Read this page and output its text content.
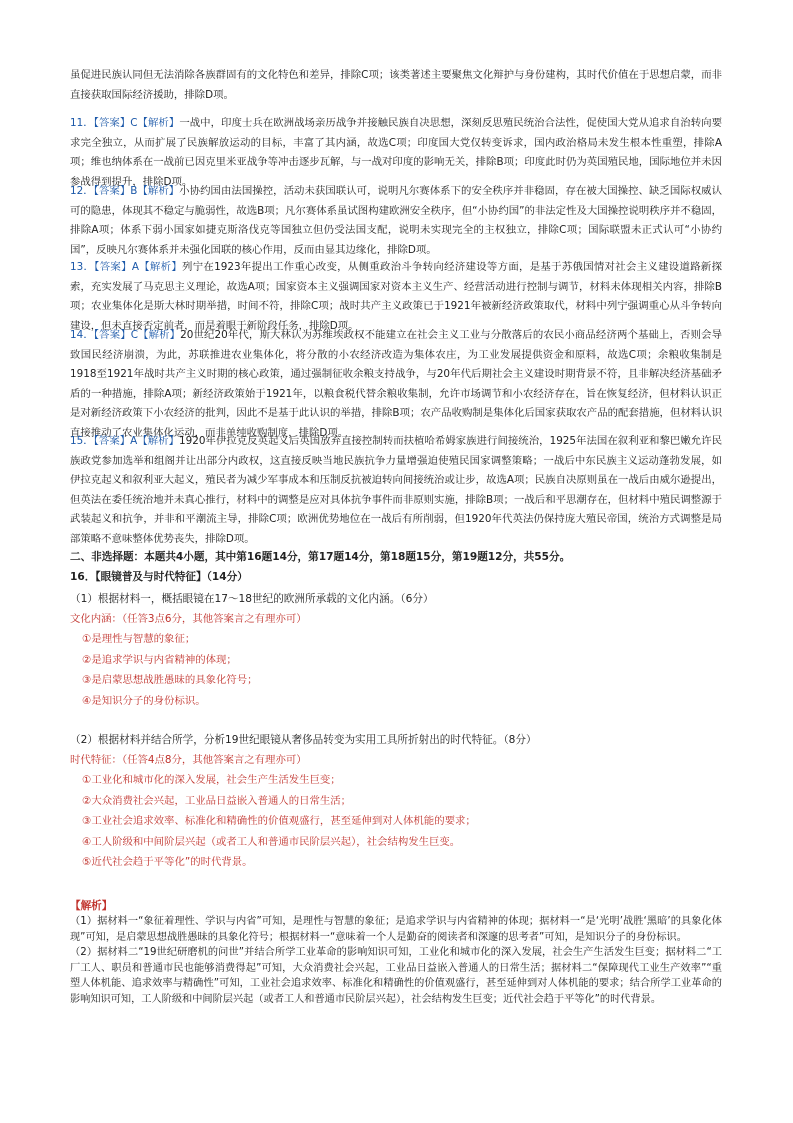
虽促进民族认同但无法消除各族群固有的文化特色和差异，排除C项；该类著述主要聚焦文化辩护与身份建构，其时代价值在于思想启蒙，而非直接获取国际经济援助，排除D项。

11．【答案】C【解析】一战中，印度士兵在欧洲战场亲历战争并接触民族自决思想，深刻反思殖民统治合法性，促使国大党从追求自治转向要求完全独立，从而扩展了民族解放运动的目标，丰富了其内涵，故选C项；印度国大党仅转变诉求，国内政治格局未发生根本性重塑，排除A项；维也纳体系在一战前已因克里米亚战争等冲击逐步瓦解，与一战对印度的影响无关，排除B项；印度此时仍为英国殖民地，国际地位并未因参战得到提升，排除D项。

12．【答案】B【解析】小协约国由法国操控，活动未获国联认可，说明凡尔赛体系下的安全秩序并非稳固，存在被大国操控、缺乏国际权威认可的隐患，体现其不稳定与脆弱性，故选B项；凡尔赛体系虽试图构建欧洲安全秩序，但“小协约国”的非法定性及大国操控说明秩序并不稳固，排除A项；体系下弱小国家如捷克斯洛伐克等国独立但仍受法国支配，说明未实现完全的主权独立，排除C项；国际联盟未正式认可“小协约国”，反映凡尔赛体系并未强化国联的核心作用，反而由显其边缘化，排除D项。

13．【答案】A【解析】列宁在1923年提出工作重心改变，从侧重政治斗争转向经济建设等方面，是基于苏俄国情对社会主义建设道路新探索，充实发展了马克思主义理论，故选A项；国家资本主义强调国家对资本主义生产、经营活动进行控制与调节，材料未体现相关内容，排除B项；农业集体化是斯大林时期举措，时间不符，排除C项；战时共产主义政策已于1921年被新经济政策取代，材料中列宁强调重心从斗争转向建设，但未直接否定前者，而是着眼于新阶段任务，排除D项。

14．【答案】C【解析】20世纪20年代，斯大林认为苏维埃政权不能建立在社会主义工业与分散落后的农民小商品经济两个基础上，否则会导致国民经济崩溃，为此，苏联推进农业集体化，将分散的小农经济改造为集体农庄，为工业发展提供资金和原料，故选C项；余粮收集制是1918至1921年战时共产主义时期的核心政策，通过强制征收余粮支持战争，与20年代后期社会主义建设时期背景不符，且非解决经济基础矛盾的一种措施，排除A项；新经济政策始于1921年，以粮食税代替余粮收集制，允许市场调节和小农经济存在，旨在恢复经济，但材料认识正是对新经济政策下小农经济的批判，因此不是基于此认识的举措，排除B项；农产品收购制是集体化后国家获取农产品的配套措施，但材料认识直接推动了农业集体化运动，而非单纯收购制度，排除D项。

15．【答案】A【解析】1920年伊拉克反英起义后英国放弃直接控制转而扶植哈希姆家族进行间接统治，1925年法国在叙利亚和黎巴嫩允许民族政党参加选举和组阁并让出部分内政权，这直接反映当地民族抗争力量增强迫使殖民国家调整策略；一战后中东民族主义运动蓬勃发展，如伊拉克起义和叙利亚大起义，殖民者为减少军事成本和压制反抗被迫转向间接统治或让步，故选A项；民族自决原则虽在一战后由威尔逊提出，但英法在委任统治地并未真心推行，材料中的调整是应对具体抗争事件而非原则实施，排除B项；一战后和平思潮存在，但材料中殖民调整源于武装起义和抗争，并非和平潮流主导，排除C项；欧洲优势地位在一战后有所削弱，但1920年代英法仍保持庞大殖民帝国，统治方式调整是局部策略不意味整体优势丧失，排除D项。

二、非选择题：本题共4小题，其中第16题14分，第17题14分，第18题15分，第19题12分，共55分。

16．【眼镜普及与时代特征】（14分）

（1）根据材料一，概括眼镜在17～18世纪的欧洲所承载的文化内涵。（6分）

文化内涵：（任答3点6分，其他答案言之有理亦可）

①是理性与智慧的象征；

②是追求学识与内省精神的体现；

③是启蒙思想战胜愚昧的具象化符号；

④是知识分子的身份标识。

（2）根据材料并结合所学，分析19世纪眼镜从奢侈品转变为实用工具所折射出的时代特征。（8分）

时代特征：（任答4点8分，其他答案言之有理亦可）

①工业化和城市化的深入发展，社会生产生活发生巨变；

②大众消费社会兴起，工业品日益嵌入普通人的日常生活；

③工业社会追求效率、标准化和精确性的价值观盛行，甚至延伸到对人体机能的要求；

④工人阶级和中间阶层兴起（或者工人和普通市民阶层兴起），社会结构发生巨变。

⑤近代社会趋于平等化”的时代背景。

【解析】

（1）据材料一“象征着理性、学识与内省”可知，是理性与智慧的象征；是追求学识与内省精神的体现；据材料一“是‘光明’战胜‘黑暗’的具象化体现”可知，是启蒙思想战胜愚昧的具象化符号；根据材料一“意味着一个人是勤奋的阅读者和深邃的思考者”可知，是知识分子的身份标识。

（2）据材料二“19世纪研磨机的问世”并结合所学工业革命的影响知识可知，工业化和城市化的深入发展，社会生产生活发生巨变；据材料二“工厂工人、职员和普通市民也能够消费得起”可知，大众消费社会兴起，工业品日益嵌入普通人的日常生活；据材料二“保障现代工业生产效率”“重塑人体机能、追求效率与精确性”可知，工业社会追求效率、标准化和精确性的价值观盛行，甚至延伸到对人体机能的要求；结合所学工业革命的影响知识可知，工人阶级和中间阶层兴起（或者工人和普通市民阶层兴起），社会结构发生巨变；近代社会趋于平等化”的时代背景。
